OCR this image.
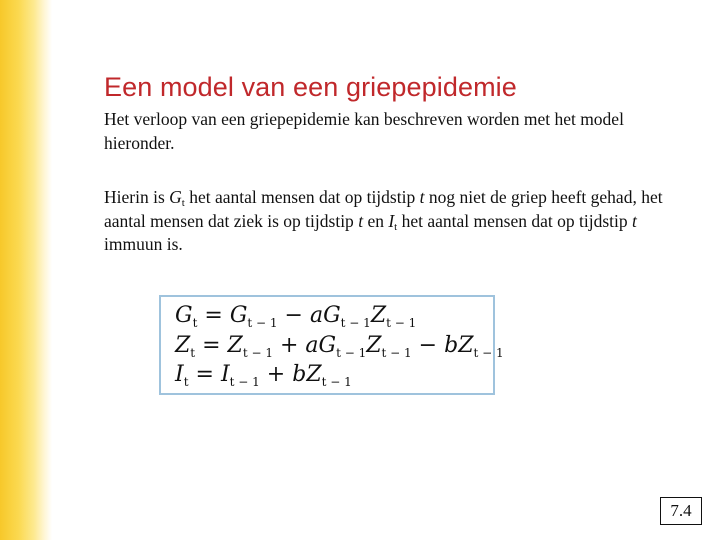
Een model van een griepepidemie
Het verloop van een griepepidemie kan beschreven worden met het model hieronder.
Hierin is $G_t$ het aantal mensen dat op tijdstip t nog niet de griep heeft gehad, het aantal mensen dat ziek is op tijdstip t en $I_t$ het aantal mensen dat op tijdstip t immuun is.
$G_t = G_{t - 1} - aG_{t - 1}Z_{t - 1}$
$Z_t = Z_{t - 1} + aG_{t - 1}Z_{t - 1} - bZ_{t - 1}$
$I_t = I_{t - 1} + bZ_{t - 1}$
7.4
